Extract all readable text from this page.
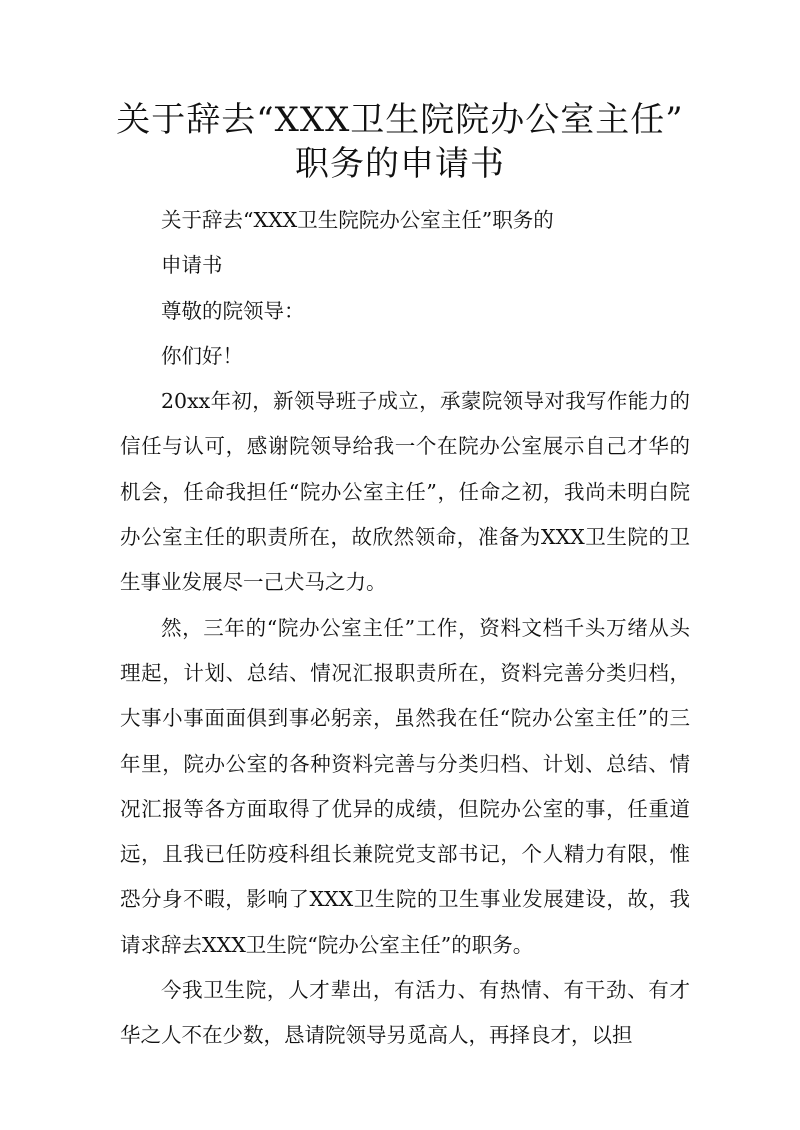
关于辞去“XXX卫生院院办公室主任”
职务的申请书

关于辞去“XXX卫生院院办公室主任”职务的

申请书

尊敬的院领导：

你们好！

20xx年初，新领导班子成立，承蒙院领导对我写作能力的信任与认可，感谢院领导给我一个在院办公室展示自己才华的机会，任命我担任“院办公室主任”，任命之初，我尚未明白院办公室主任的职责所在，故欣然领命，准备为XXX卫生院的卫生事业发展尽一己犬马之力。

然，三年的“院办公室主任”工作，资料文档千头万绪从头理起，计划、总结、情况汇报职责所在，资料完善分类归档，大事小事面面俱到事必躬亲，虽然我在任“院办公室主任”的三年里，院办公室的各种资料完善与分类归档、计划、总结、情况汇报等各方面取得了优异的成绩，但院办公室的事，任重道远，且我已任防疫科组长兼院党支部书记，个人精力有限，惟恐分身不暇，影响了XXX卫生院的卫生事业发展建设，故，我请求辞去XXX卫生院“院办公室主任”的职务。

今我卫生院，人才辈出，有活力、有热情、有干劲、有才华之人不在少数，恳请院领导另觅高人，再择良才，以担
